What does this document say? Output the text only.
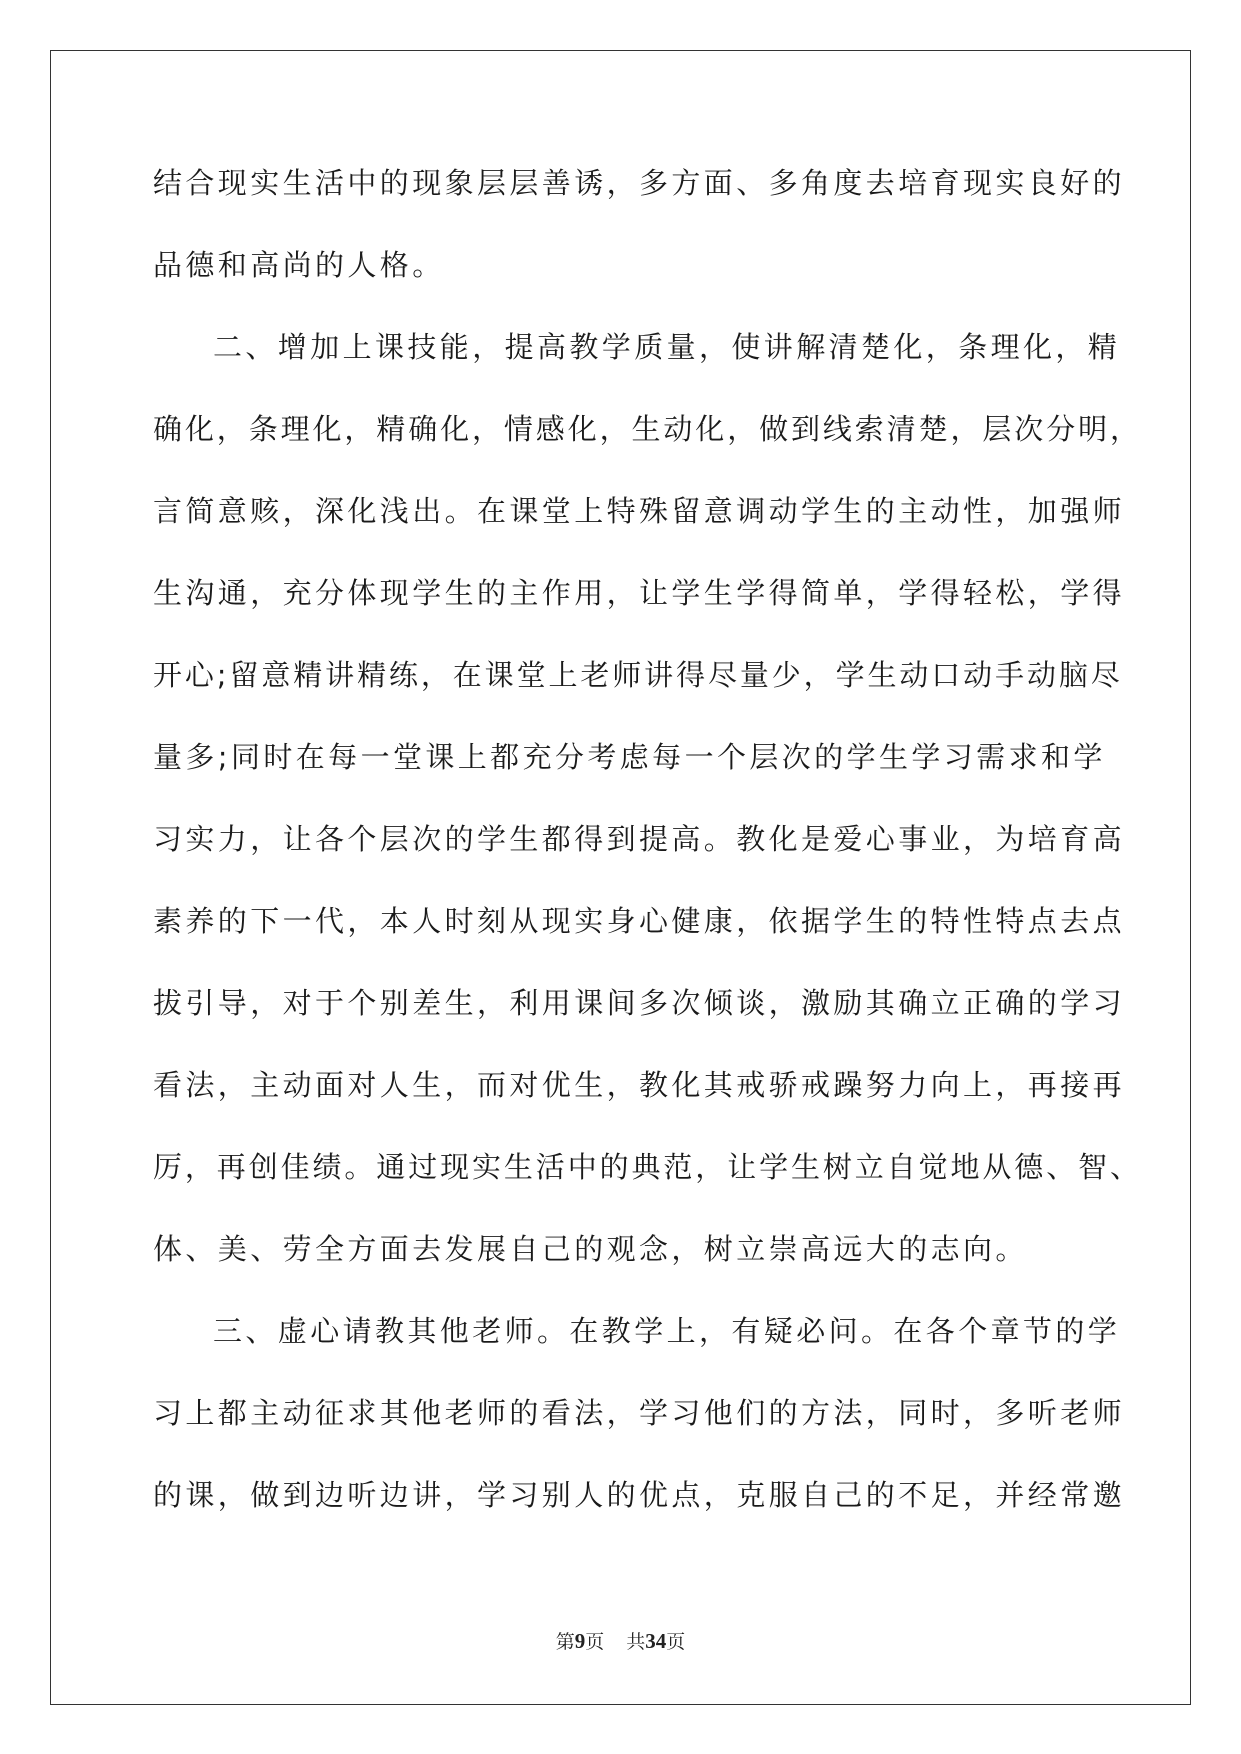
结合现实生活中的现象层层善诱，多方面、多角度去培育现实良好的
品德和高尚的人格。
二、增加上课技能，提高教学质量，使讲解清楚化，条理化，精
确化，条理化，精确化，情感化，生动化，做到线索清楚，层次分明，
言简意赅，深化浅出。在课堂上特殊留意调动学生的主动性，加强师
生沟通，充分体现学生的主作用，让学生学得简单，学得轻松，学得
开心;留意精讲精练，在课堂上老师讲得尽量少，学生动口动手动脑尽
量多;同时在每一堂课上都充分考虑每一个层次的学生学习需求和学
习实力，让各个层次的学生都得到提高。教化是爱心事业，为培育高
素养的下一代，本人时刻从现实身心健康，依据学生的特性特点去点
拔引导，对于个别差生，利用课间多次倾谈，激励其确立正确的学习
看法，主动面对人生，而对优生，教化其戒骄戒躁努力向上，再接再
厉，再创佳绩。通过现实生活中的典范，让学生树立自觉地从德、智、
体、美、劳全方面去发展自己的观念，树立崇高远大的志向。
三、虚心请教其他老师。在教学上，有疑必问。在各个章节的学
习上都主动征求其他老师的看法，学习他们的方法，同时，多听老师
的课，做到边听边讲，学习别人的优点，克服自己的不足，并经常邀
第9页 共34页
